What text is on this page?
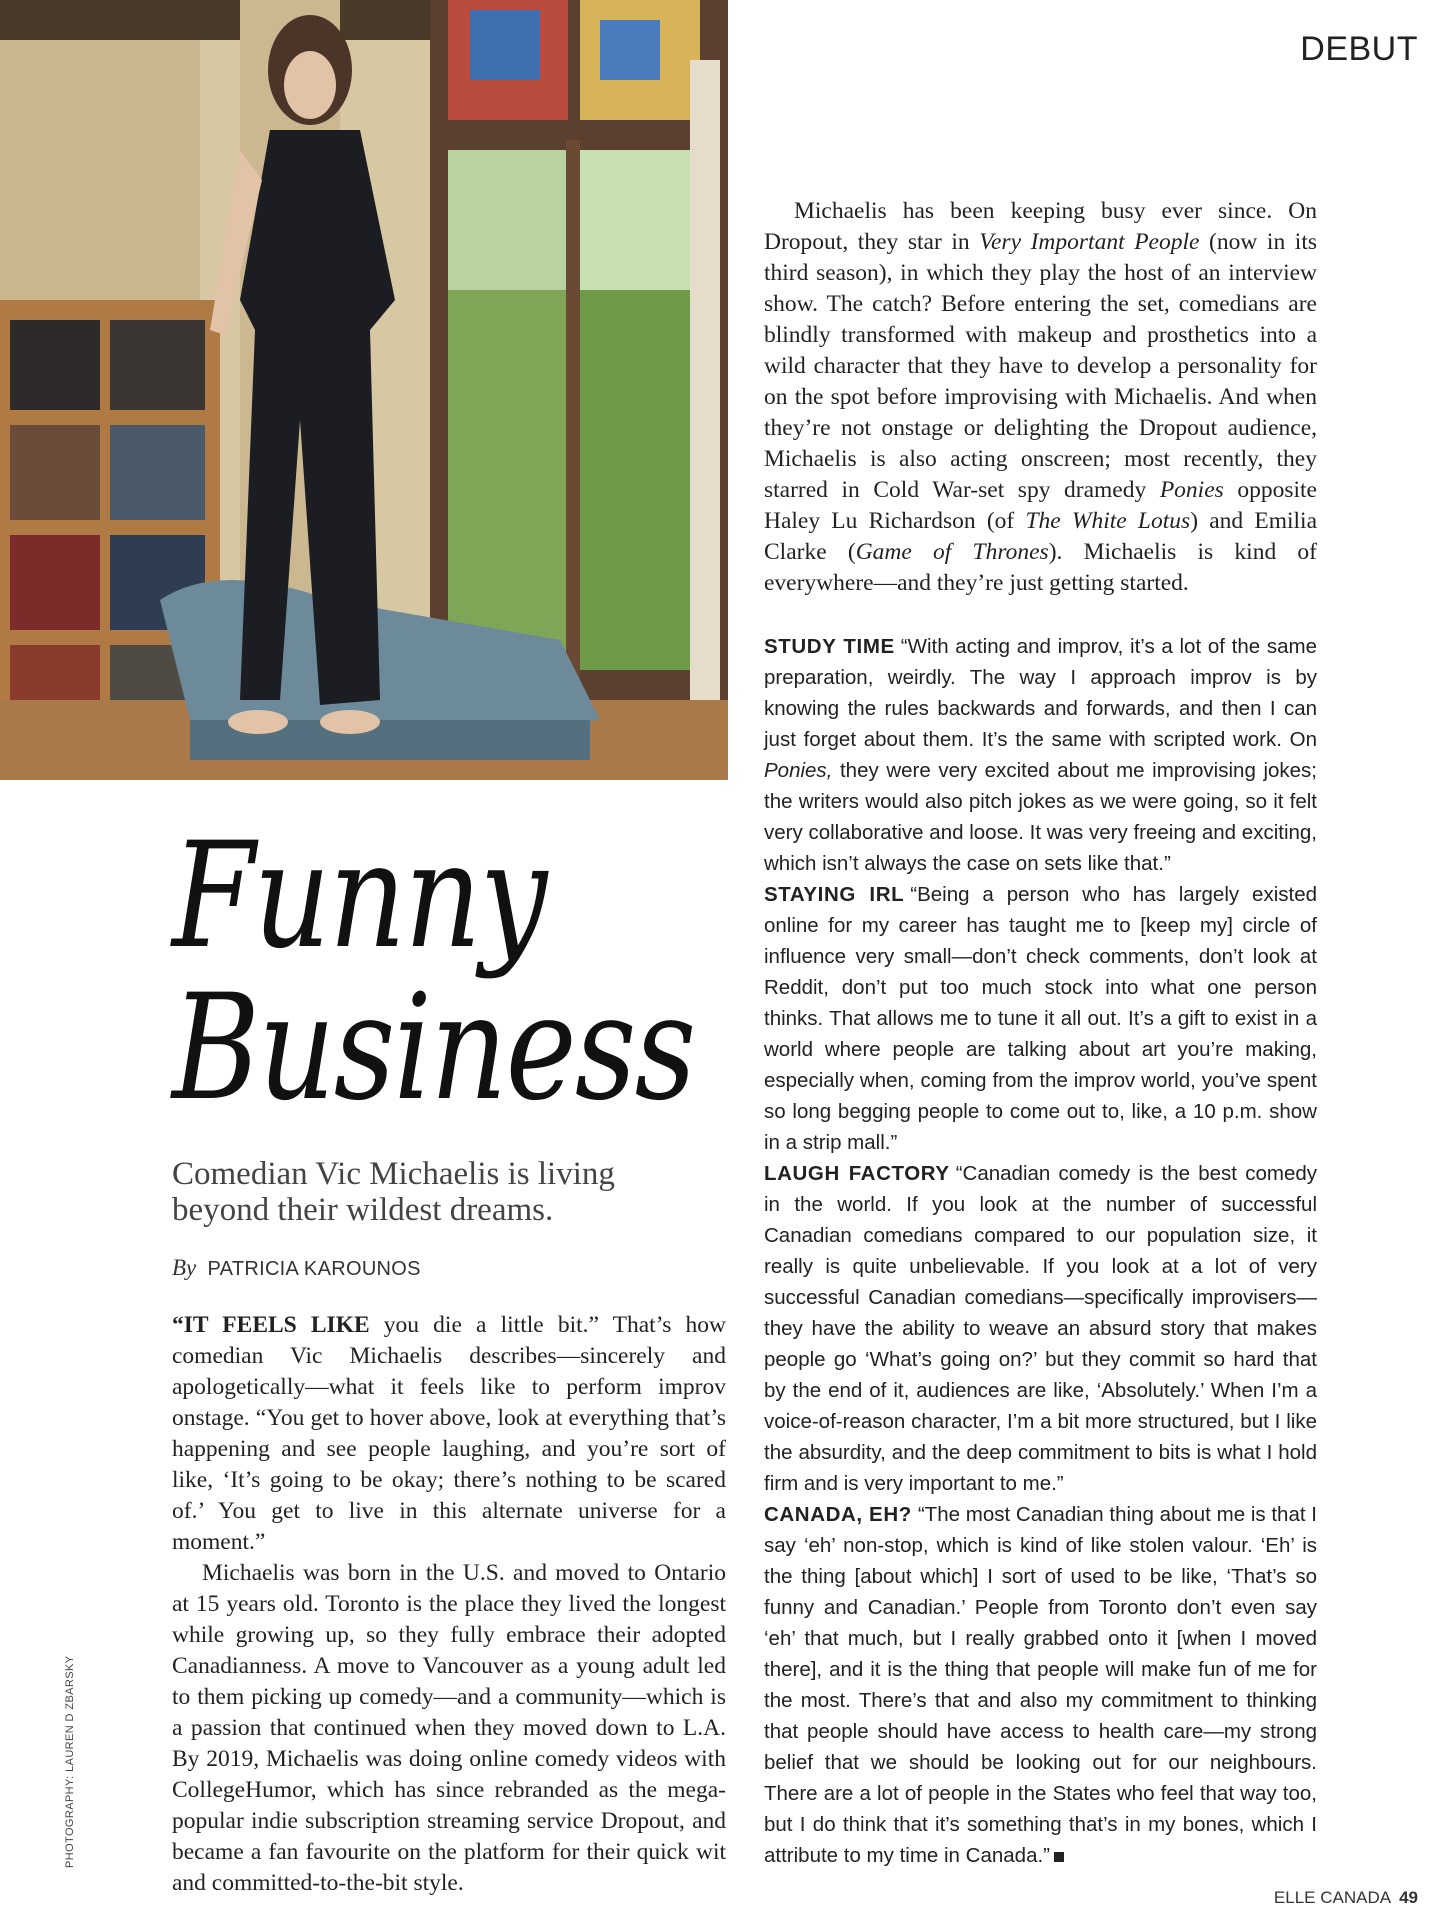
DEBUT
Funny
Business
Comedian Vic Michaelis is living beyond their wildest dreams.
By PATRICIA KAROUNOS

“IT FEELS LIKE you die a little bit.” That’s how comedian Vic Michaelis describes—sincerely and apologetically—what it feels like to perform improv onstage. “You get to hover above, look at everything that’s happening and see people laughing, and you’re sort of like, ‘It’s going to be okay; there’s nothing to be scared of.’ You get to live in this alternate universe for a moment.”

Michaelis was born in the U.S. and moved to Ontario at 15 years old. Toronto is the place they lived the longest while growing up, so they fully embrace their adopted Canadianness. A move to Vancouver as a young adult led to them picking up comedy—and a community—which is a passion that continued when they moved down to L.A. By 2019, Michaelis was doing online comedy videos with CollegeHumor, which has since rebranded as the mega-popular indie subscription streaming service Dropout, and became a fan favourite on the platform for their quick wit and committed-to-the-bit style.

Michaelis has been keeping busy ever since. On Dropout, they star in Very Important People (now in its third season), in which they play the host of an interview show. The catch? Before entering the set, comedians are blindly transformed with makeup and prosthetics into a wild character that they have to develop a personality for on the spot before improvising with Michaelis. And when they’re not onstage or delighting the Dropout audience, Michaelis is also acting onscreen; most recently, they starred in Cold War-set spy dramedy Ponies opposite Haley Lu Richardson (of The White Lotus) and Emilia Clarke (Game of Thrones). Michaelis is kind of everywhere—and they’re just getting started.

STUDY TIME “With acting and improv, it’s a lot of the same preparation, weirdly. The way I approach improv is by knowing the rules backwards and forwards, and then I can just forget about them. It’s the same with scripted work. On Ponies, they were very excited about me improvising jokes; the writers would also pitch jokes as we were going, so it felt very collaborative and loose. It was very freeing and exciting, which isn’t always the case on sets like that.”

STAYING IRL “Being a person who has largely existed online for my career has taught me to [keep my] circle of influence very small—don’t check comments, don’t look at Reddit, don’t put too much stock into what one person thinks. That allows me to tune it all out. It’s a gift to exist in a world where people are talking about art you’re making, especially when, coming from the improv world, you’ve spent so long begging people to come out to, like, a 10 p.m. show in a strip mall.”

LAUGH FACTORY “Canadian comedy is the best comedy in the world. If you look at the number of successful Canadian comedians compared to our population size, it really is quite unbelievable. If you look at a lot of very successful Canadian comedians—specifically improvisers—they have the ability to weave an absurd story that makes people go ‘What’s going on?’ but they commit so hard that by the end of it, audiences are like, ‘Absolutely.’ When I’m a voice-of-reason character, I’m a bit more structured, but I like the absurdity, and the deep commitment to bits is what I hold firm and is very important to me.”

CANADA, EH? “The most Canadian thing about me is that I say ‘eh’ non-stop, which is kind of like stolen valour. ‘Eh’ is the thing [about which] I sort of used to be like, ‘That’s so funny and Canadian.’ People from Toronto don’t even say ‘eh’ that much, but I really grabbed onto it [when I moved there], and it is the thing that people will make fun of me for the most. There’s that and also my commitment to thinking that people should have access to health care—my strong belief that we should be looking out for our neighbours. There are a lot of people in the States who feel that way too, but I do think that it’s something that’s in my bones, which I attribute to my time in Canada.”

PHOTOGRAPHY: LAUREN D ZBARSKY
ELLE CANADA 49
